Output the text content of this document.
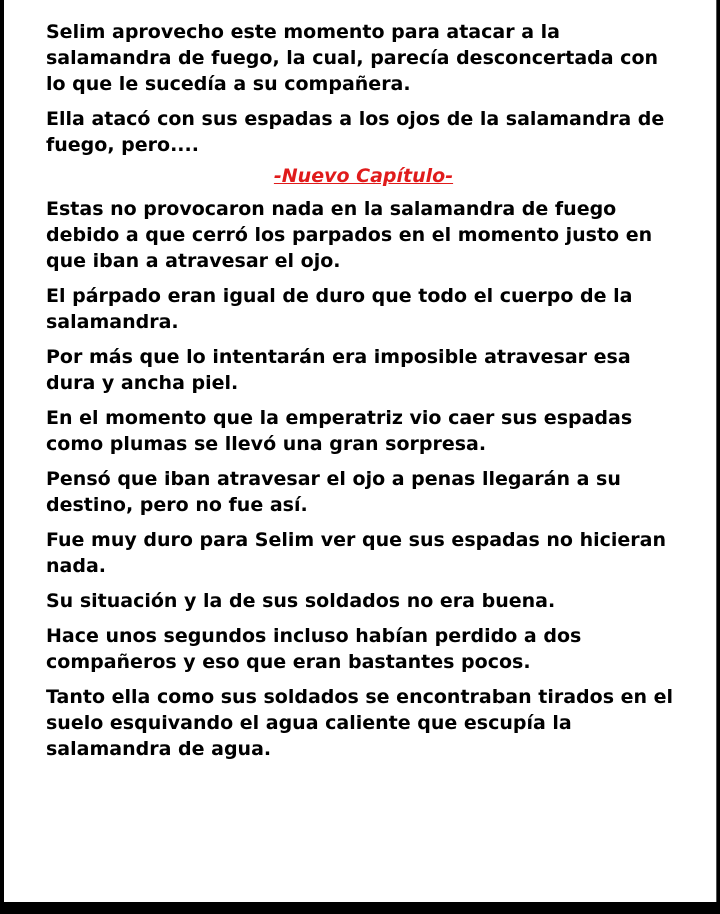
Selim aprovecho este momento para atacar a la salamandra de fuego, la cual, parecía desconcertada con lo que le sucedía a su compañera.

Ella atacó con sus espadas a los ojos de la salamandra de fuego, pero....

-Nuevo Capítulo-

Estas no provocaron nada en la salamandra de fuego debido a que cerró los parpados en el momento justo en que iban a atravesar el ojo.

El párpado eran igual de duro que todo el cuerpo de la salamandra.

Por más que lo intentarán era imposible atravesar esa dura y ancha piel.

En el momento que la emperatriz vio caer sus espadas como plumas se llevó una gran sorpresa.

Pensó que iban atravesar el ojo a penas llegarán a su destino, pero no fue así.

Fue muy duro para Selim ver que sus espadas no hicieran nada.

Su situación y la de sus soldados no era buena.

Hace unos segundos incluso habían perdido a dos compañeros y eso que eran bastantes pocos.

Tanto ella como sus soldados se encontraban tirados en el suelo esquivando el agua caliente que escupía la salamandra de agua.
